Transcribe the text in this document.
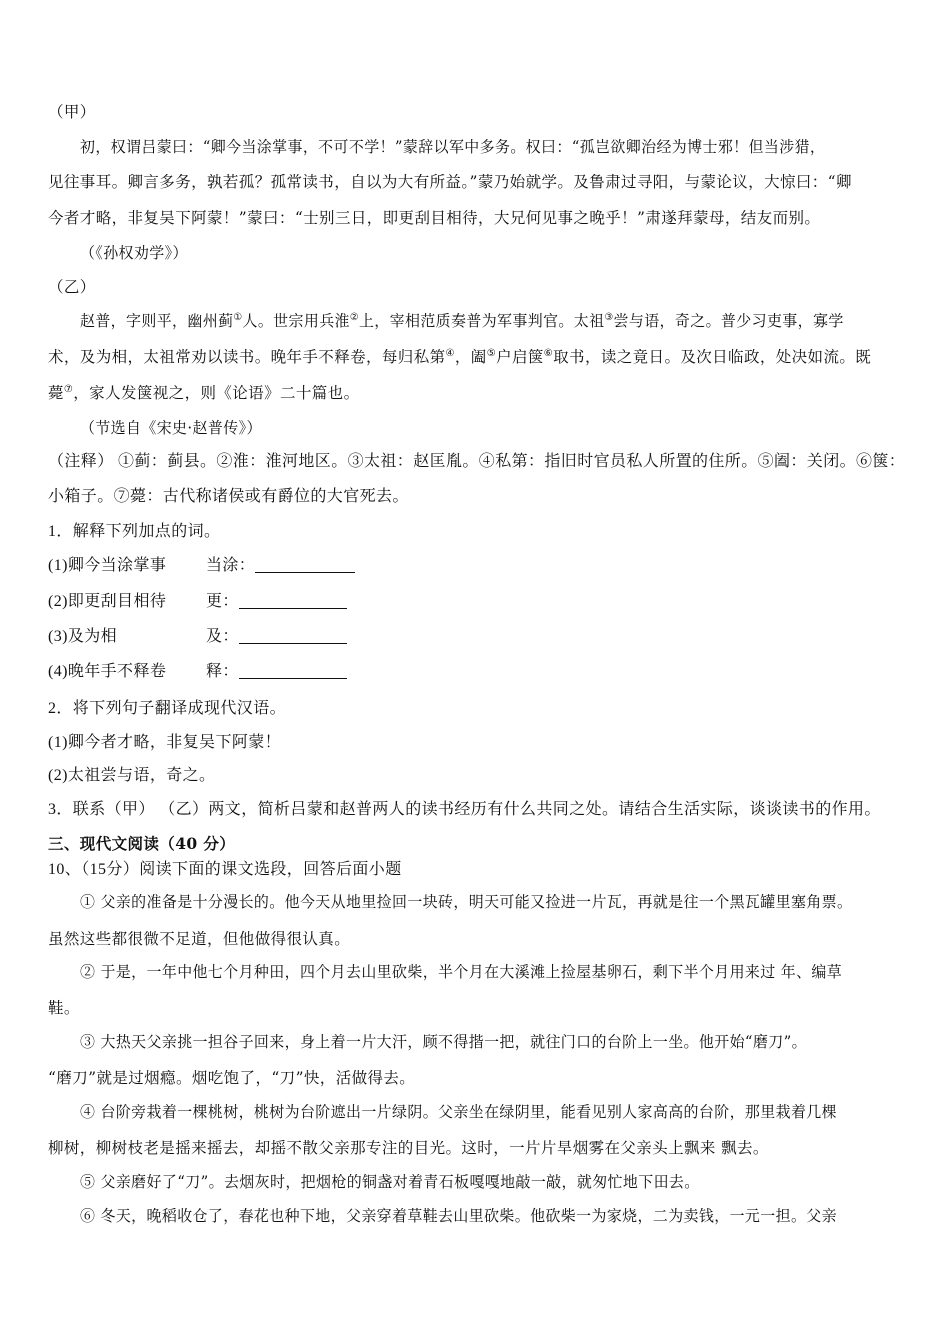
（甲）
初，权谓吕蒙曰：“卿今当涂掌事，不可不学！”蒙辞以军中多务。权曰：“孤岂欲卿治经为博士邪！但当涉猎，
见往事耳。卿言多务，孰若孤？孤常读书，自以为大有所益。”蒙乃始就学。及鲁肃过寻阳，与蒙论议，大惊曰：“卿
今者才略，非复吴下阿蒙！”蒙曰：“士别三日，即更刮目相待，大兄何见事之晚乎！”肃遂拜蒙母，结友而别。
（《孙权劝学》）
（乙）
赵普，字则平，幽州蓟①人。世宗用兵淮②上，宰相范质奏普为军事判官。太祖③尝与语，奇之。普少习吏事，寡学
术，及为相，太祖常劝以读书。晚年手不释卷，每归私第④，阖⑤户启箧⑥取书，读之竟日。及次日临政，处决如流。既
薨⑦，家人发箧视之，则《论语》二十篇也。
（节选自《宋史·赵普传》）
（注释） ①蓟：蓟县。②淮：淮河地区。③太祖：赵匡胤。④私第：指旧时官员私人所置的住所。⑤阖：关闭。⑥箧：
小箱子。⑦薨：古代称诸侯或有爵位的大官死去。
1．解释下列加点的词。
(1)卿今当涂掌事 当涂：
(2)即更刮目相待 更：
(3)及为相	及：
(4)晚年手不释卷 释：
2．将下列句子翻译成现代汉语。
(1)卿今者才略，非复吴下阿蒙！
(2)太祖尝与语，奇之。
3．联系（甲） （乙）两文，简析吕蒙和赵普两人的读书经历有什么共同之处。请结合生活实际，谈谈读书的作用。
三、现代文阅读（40 分）
10、（15分）阅读下面的课文选段，回答后面小题
① 父亲的准备是十分漫长的。他今天从地里捡回一块砖，明天可能又捡进一片瓦，再就是往一个黑瓦罐里塞角票。
虽然这些都很微不足道，但他做得很认真。
② 于是，一年中他七个月种田，四个月去山里砍柴，半个月在大溪滩上捡屋基卵石，剩下半个月用来过 年、编草
鞋。
③ 大热天父亲挑一担谷子回来，身上着一片大汗，顾不得揩一把，就往门口的台阶上一坐。他开始“磨刀”。
“磨刀”就是过烟瘾。烟吃饱了，“刀”快，活做得去。
④ 台阶旁栽着一棵桃树，桃树为台阶遮出一片绿阴。父亲坐在绿阴里，能看见别人家高高的台阶，那里栽着几棵
柳树，柳树枝老是摇来摇去，却摇不散父亲那专注的目光。这时，一片片旱烟雾在父亲头上飘来 飘去。
⑤ 父亲磨好了“刀”。去烟灰时，把烟枪的铜盏对着青石板嘎嘎地敲一敲，就匆忙地下田去。
⑥ 冬天，晚稻收仓了，春花也种下地，父亲穿着草鞋去山里砍柴。他砍柴一为家烧，二为卖钱，一元一担。父亲
